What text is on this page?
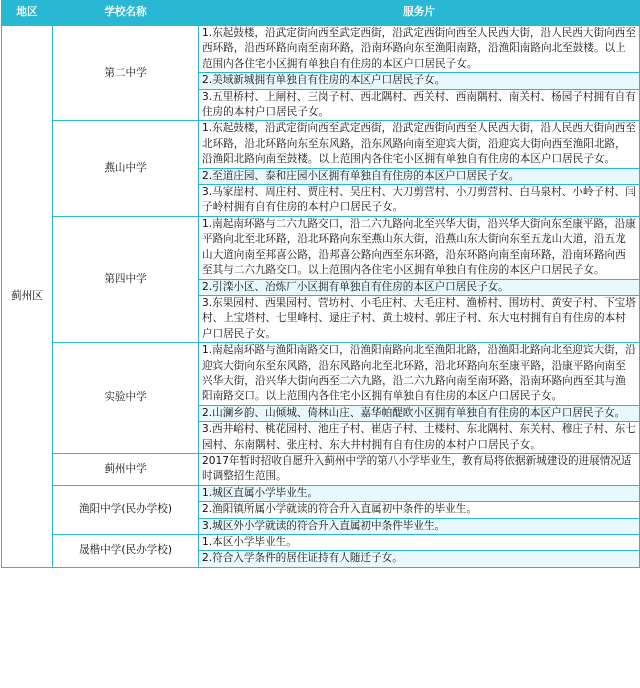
地区	学校名称	服务片
蓟州区	第二中学	1.东起鼓楼，沿武定街向西至武定西街，沿武定西街向西至人民西大街，沿人民西大街向西至西环路，沿西环路向南至南环路，沿南环路向东至渔阳南路，沿渔阳南路向北至鼓楼。以上范围内各住宅小区拥有单独自有住房的本区户口居民子女。
		2.美域新城拥有单独自有住房的本区户口居民子女。
		3.五里桥村、上闸村、三岗子村、西北隅村、西关村、西南隅村、南关村、杨园子村拥有自有住房的本村户口居民子女。
	燕山中学	1.东起鼓楼，沿武定街向西至武定西街，沿武定西街向西至人民西大街，沿人民西大街向西至北环路，沿北环路向东至东风路，沿东风路向南至迎宾大街，沿迎宾大街向西至渔阳北路，沿渔阳北路向南至鼓楼。以上范围内各住宅小区拥有单独自有住房的本区户口居民子女。
		2.至道庄园、泰和庄园小区拥有单独自有住房的本区户口居民子女。
		3.马家崖村、周庄村、贾庄村、吴庄村、大刀剪营村、小刀剪营村、白马泉村、小岭子村、闫子岭村拥有自有住房的本村户口居民子女。
	第四中学	1.南起南环路与二六九路交口，沿二六九路向北至兴华大街，沿兴华大街向东至康平路，沿康平路向北至北环路，沿北环路向东至燕山东大街，沿燕山东大街向东至五龙山大道，沿五龙山大道向南至邦喜公路，沿邦喜公路向西至东环路，沿东环路向南至南环路，沿南环路向西至其与二六九路交口。以上范围内各住宅小区拥有单独自有住房的本区户口居民子女。
		2.引滦小区、冶炼厂小区拥有单独自有住房的本区户口居民子女。
		3.东果园村、西果园村、营坊村、小毛庄村、大毛庄村、渔桥村、围坊村、黄安子村、下宝塔村、上宝塔村、七里峰村、逯庄子村、黄土坡村、郭庄子村、东大屯村拥有自有住房的本村户口居民子女。
	实验中学	1.南起南环路与渔阳南路交口，沿渔阳南路向北至渔阳北路，沿渔阳北路向北至迎宾大街，沿迎宾大街向东至东风路，沿东风路向北至北环路，沿北环路向东至康平路，沿康平路向南至兴华大街，沿兴华大街向西至二六九路，沿二六九路向南至南环路，沿南环路向西至其与渔阳南路交口。以上范围内各住宅小区拥有单独自有住房的本区户口居民子女。
		2.山澜乡韵、山倾城、倚林山庄、嘉华帕醍欧小区拥有单独自有住房的本区户口居民子女。
		3.西井峪村、桃花园村、池庄子村、崔店子村、土楼村、东北隅村、东关村、穆庄子村、东七园村、东南隅村、张庄村、东大井村拥有自有住房的本村户口居民子女。
	蓟州中学	2017年暂时招收自愿升入蓟州中学的第八小学毕业生，教育局将依据新城建设的进展情况适时调整招生范围。
	渔阳中学(民办学校)	1.城区直属小学毕业生。
		2.渔阳镇所属小学就读的符合升入直属初中条件的毕业生。
		3.城区外小学就读的符合升入直属初中条件毕业生。
	晟楷中学(民办学校)	1.本区小学毕业生。
		2.符合入学条件的居住证持有人随迁子女。
